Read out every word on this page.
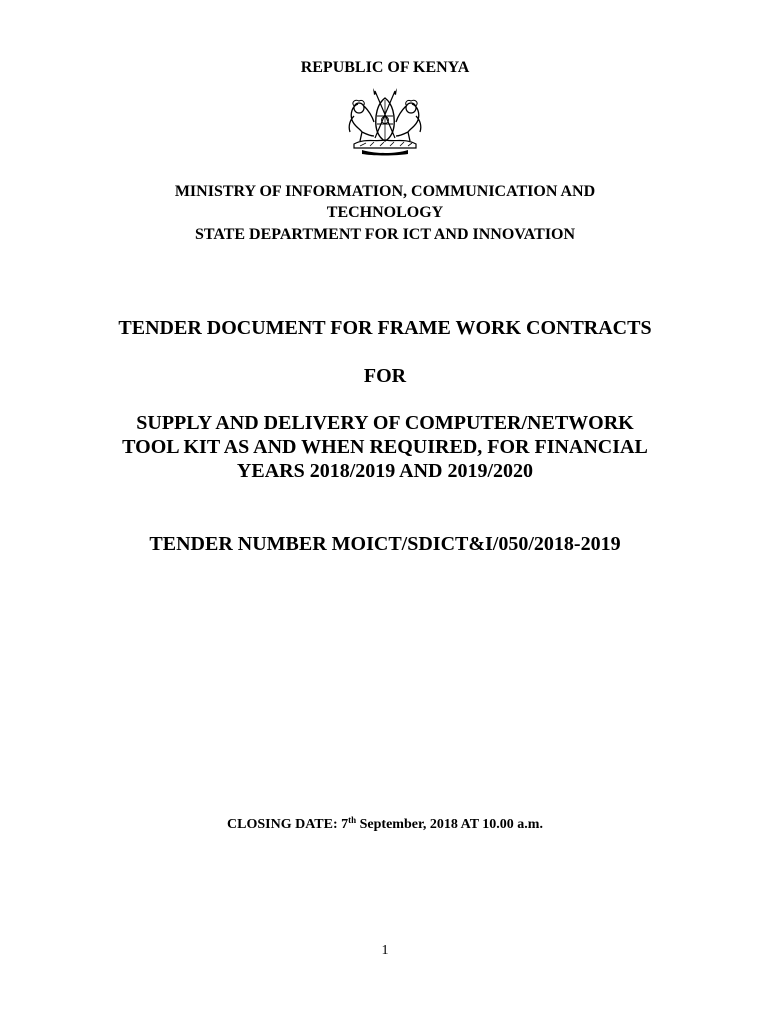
REPUBLIC OF KENYA
MINISTRY OF INFORMATION, COMMUNICATION AND
TECHNOLOGY
STATE DEPARTMENT FOR ICT AND INNOVATION
TENDER DOCUMENT FOR FRAME WORK CONTRACTS
FOR
SUPPLY AND DELIVERY OF COMPUTER/NETWORK
TOOL KIT AS AND WHEN REQUIRED, FOR FINANCIAL
YEARS 2018/2019 AND 2019/2020
TENDER NUMBER MOICT/SDICT&I/050/2018-2019
CLOSING DATE: 7th September, 2018 AT 10.00 a.m.
1
